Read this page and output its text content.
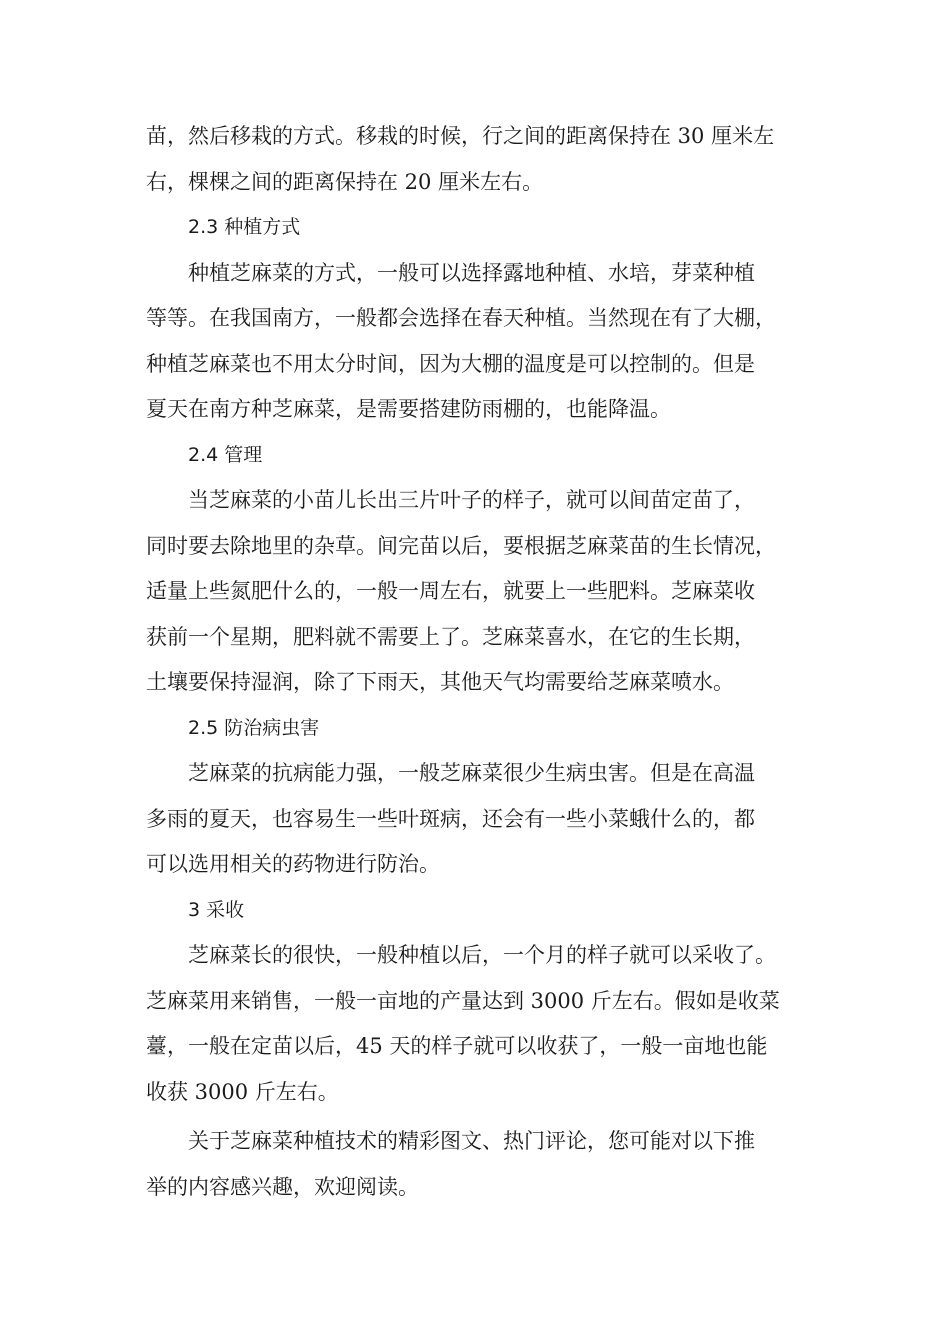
苗，然后移栽的方式。移栽的时候，行之间的距离保持在 30 厘米左
右，棵棵之间的距离保持在 20 厘米左右。
2.3 种植方式
种植芝麻菜的方式，一般可以选择露地种植、水培，芽菜种植
等等。在我国南方，一般都会选择在春天种植。当然现在有了大棚，
种植芝麻菜也不用太分时间，因为大棚的温度是可以控制的。但是
夏天在南方种芝麻菜，是需要搭建防雨棚的，也能降温。
2.4 管理
当芝麻菜的小苗儿长出三片叶子的样子，就可以间苗定苗了，
同时要去除地里的杂草。间完苗以后，要根据芝麻菜苗的生长情况，
适量上些氮肥什么的，一般一周左右，就要上一些肥料。芝麻菜收
获前一个星期，肥料就不需要上了。芝麻菜喜水，在它的生长期，
土壤要保持湿润，除了下雨天，其他天气均需要给芝麻菜喷水。
2.5 防治病虫害
芝麻菜的抗病能力强，一般芝麻菜很少生病虫害。但是在高温
多雨的夏天，也容易生一些叶斑病，还会有一些小菜蛾什么的，都
可以选用相关的药物进行防治。
3 采收
芝麻菜长的很快，一般种植以后，一个月的样子就可以采收了。
芝麻菜用来销售，一般一亩地的产量达到 3000 斤左右。假如是收菜
薹，一般在定苗以后，45 天的样子就可以收获了，一般一亩地也能
收获 3000 斤左右。
关于芝麻菜种植技术的精彩图文、热门评论，您可能对以下推
举的内容感兴趣，欢迎阅读。
